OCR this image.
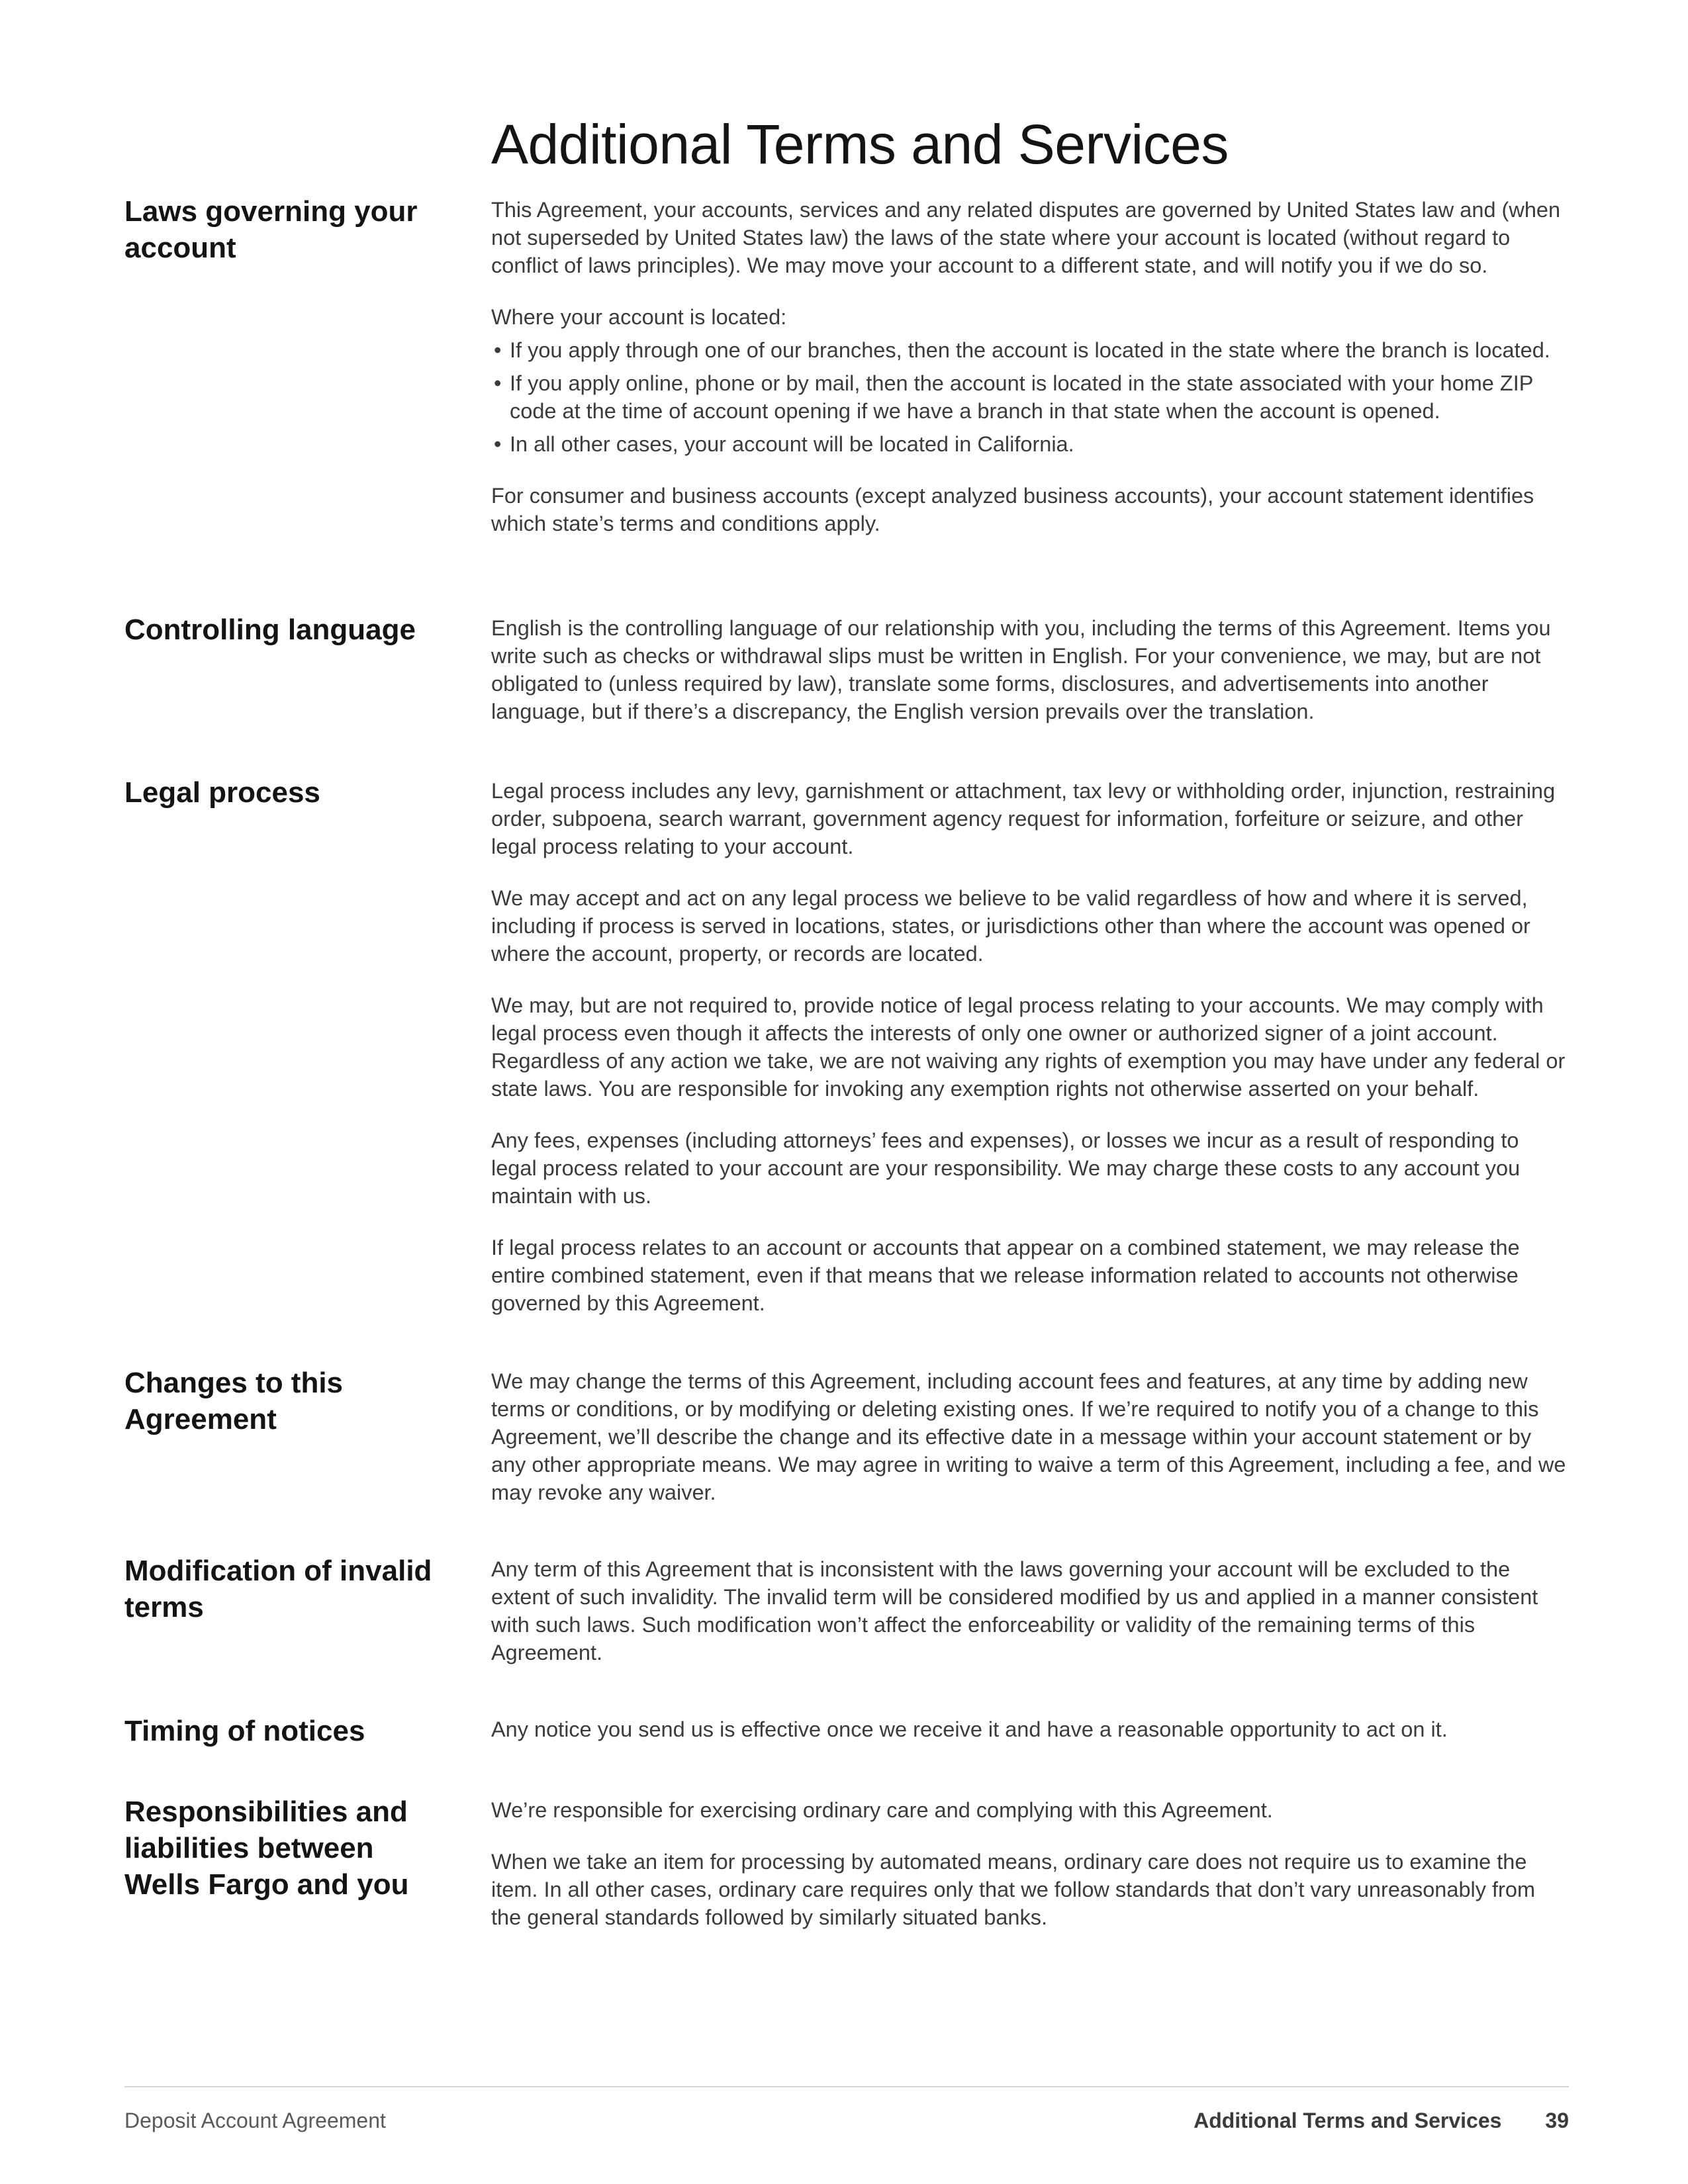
Additional Terms and Services
Laws governing your account

This Agreement, your accounts, services and any related disputes are governed by United States law and (when not superseded by United States law) the laws of the state where your account is located (without regard to conflict of laws principles). We may move your account to a different state, and will notify you if we do so.

Where your account is located:

• If you apply through one of our branches, then the account is located in the state where the branch is located.
• If you apply online, phone or by mail, then the account is located in the state associated with your home ZIP code at the time of account opening if we have a branch in that state when the account is opened.
• In all other cases, your account will be located in California.

For consumer and business accounts (except analyzed business accounts), your account statement identifies which state’s terms and conditions apply.

Controlling language	English is the controlling language of our relationship with you, including the terms of this Agreement. Items you write such as checks or withdrawal slips must be written in English. For your convenience, we may, but are not obligated to (unless required by law), translate some forms, disclosures, and advertisements into another language, but if there’s a discrepancy, the English version prevails over the translation.

Legal process	Legal process includes any levy, garnishment or attachment, tax levy or withholding order, injunction, restraining order, subpoena, search warrant, government agency request for information, forfeiture or seizure, and other legal process relating to your account.

We may accept and act on any legal process we believe to be valid regardless of how and where it is served, including if process is served in locations, states, or jurisdictions other than where the account was opened or where the account, property, or records are located.

We may, but are not required to, provide notice of legal process relating to your accounts. We may comply with legal process even though it affects the interests of only one owner or authorized signer of a joint account. Regardless of any action we take, we are not waiving any rights of exemption you may have under any federal or state laws. You are responsible for invoking any exemption rights not otherwise asserted on your behalf.

Any fees, expenses (including attorneys’ fees and expenses), or losses we incur as a result of responding to legal process related to your account are your responsibility. We may charge these costs to any account you maintain with us.

If legal process relates to an account or accounts that appear on a combined statement, we may release the entire combined statement, even if that means that we release information related to accounts not otherwise governed by this Agreement.

Changes to this Agreement

We may change the terms of this Agreement, including account fees and features, at any time by adding new terms or conditions, or by modifying or deleting existing ones. If we’re required to notify you of a change to this Agreement, we’ll describe the change and its effective date in a message within your account statement or by any other appropriate means. We may agree in writing to waive a term of this Agreement, including a fee, and we may revoke any waiver.

Modification of invalid terms

Any term of this Agreement that is inconsistent with the laws governing your account will be excluded to the extent of such invalidity. The invalid term will be considered modified by us and applied in a manner consistent with such laws. Such modification won’t affect the enforceability or validity of the remaining terms of this Agreement.

Timing of notices	Any notice you send us is effective once we receive it and have a reasonable opportunity to act on it.

Responsibilities and liabilities between Wells Fargo and you

We’re responsible for exercising ordinary care and complying with this Agreement.

When we take an item for processing by automated means, ordinary care does not require us to examine the item. In all other cases, ordinary care requires only that we follow standards that don’t vary unreasonably from the general standards followed by similarly situated banks.

Deposit Account Agreement	Additional Terms and Services 39
